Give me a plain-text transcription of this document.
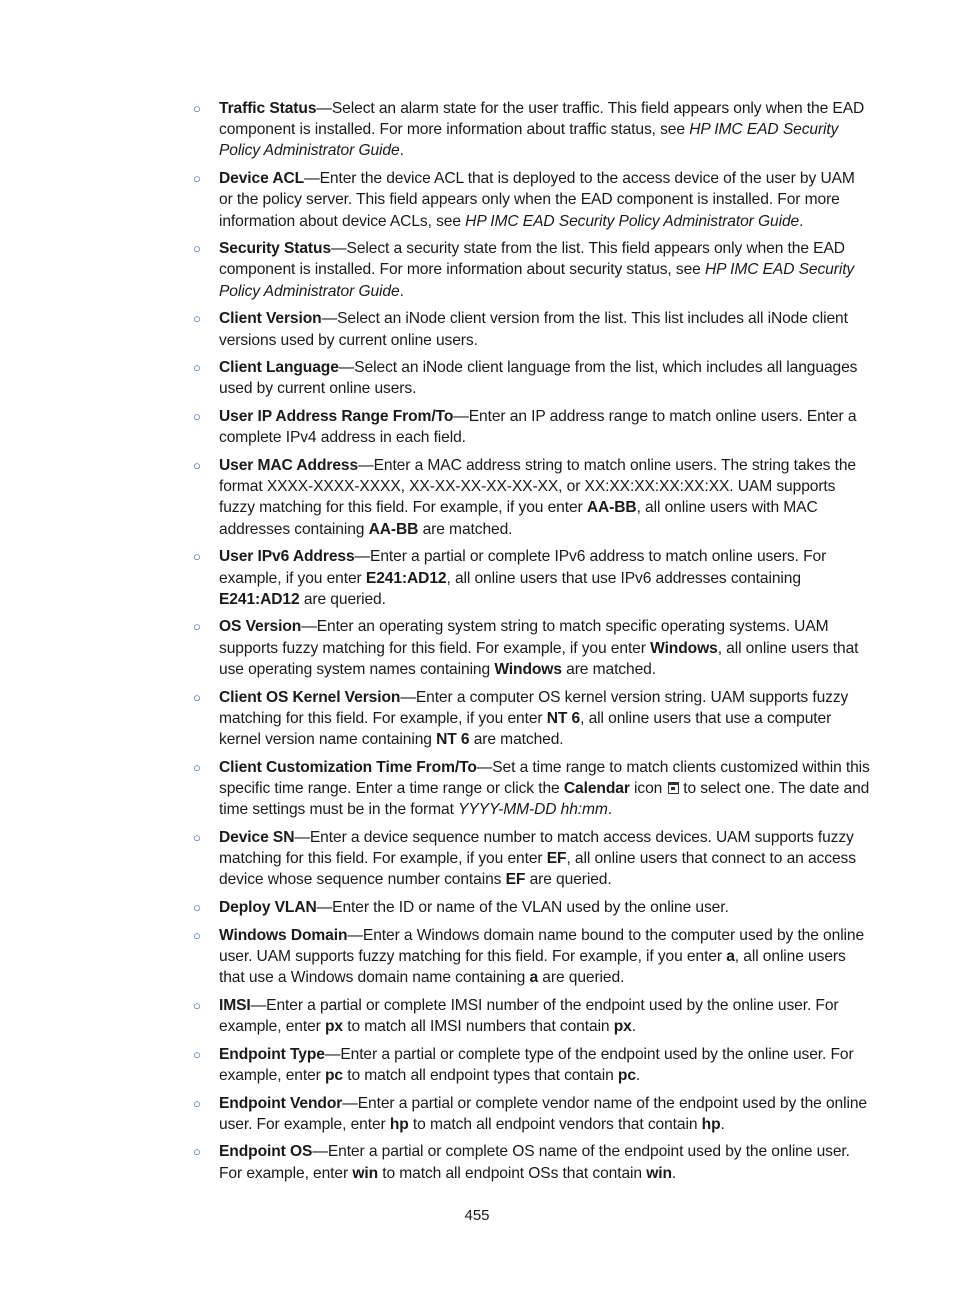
○ Traffic Status—Select an alarm state for the user traffic. This field appears only when the EAD component is installed. For more information about traffic status, see HP IMC EAD Security Policy Administrator Guide.
○ Device ACL—Enter the device ACL that is deployed to the access device of the user by UAM or the policy server. This field appears only when the EAD component is installed. For more information about device ACLs, see HP IMC EAD Security Policy Administrator Guide.
○ Security Status—Select a security state from the list. This field appears only when the EAD component is installed. For more information about security status, see HP IMC EAD Security Policy Administrator Guide.
○ Client Version—Select an iNode client version from the list. This list includes all iNode client versions used by current online users.
○ Client Language—Select an iNode client language from the list, which includes all languages used by current online users.
○ User IP Address Range From/To—Enter an IP address range to match online users. Enter a complete IPv4 address in each field.
○ User MAC Address—Enter a MAC address string to match online users. The string takes the format XXXX-XXXX-XXXX, XX-XX-XX-XX-XX-XX, or XX:XX:XX:XX:XX:XX. UAM supports fuzzy matching for this field. For example, if you enter AA-BB, all online users with MAC addresses containing AA-BB are matched.
○ User IPv6 Address—Enter a partial or complete IPv6 address to match online users. For example, if you enter E241:AD12, all online users that use IPv6 addresses containing E241:AD12 are queried.
○ OS Version—Enter an operating system string to match specific operating systems. UAM supports fuzzy matching for this field. For example, if you enter Windows, all online users that use operating system names containing Windows are matched.
○ Client OS Kernel Version—Enter a computer OS kernel version string. UAM supports fuzzy matching for this field. For example, if you enter NT 6, all online users that use a computer kernel version name containing NT 6 are matched.
○ Client Customization Time From/To—Set a time range to match clients customized within this specific time range. Enter a time range or click the Calendar icon to select one. The date and time settings must be in the format YYYY-MM-DD hh:mm.
○ Device SN—Enter a device sequence number to match access devices. UAM supports fuzzy matching for this field. For example, if you enter EF, all online users that connect to an access device whose sequence number contains EF are queried.
○ Deploy VLAN—Enter the ID or name of the VLAN used by the online user.
○ Windows Domain—Enter a Windows domain name bound to the computer used by the online user. UAM supports fuzzy matching for this field. For example, if you enter a, all online users that use a Windows domain name containing a are queried.
○ IMSI—Enter a partial or complete IMSI number of the endpoint used by the online user. For example, enter px to match all IMSI numbers that contain px.
○ Endpoint Type—Enter a partial or complete type of the endpoint used by the online user. For example, enter pc to match all endpoint types that contain pc.
○ Endpoint Vendor—Enter a partial or complete vendor name of the endpoint used by the online user. For example, enter hp to match all endpoint vendors that contain hp.
○ Endpoint OS—Enter a partial or complete OS name of the endpoint used by the online user. For example, enter win to match all endpoint OSs that contain win.
455
